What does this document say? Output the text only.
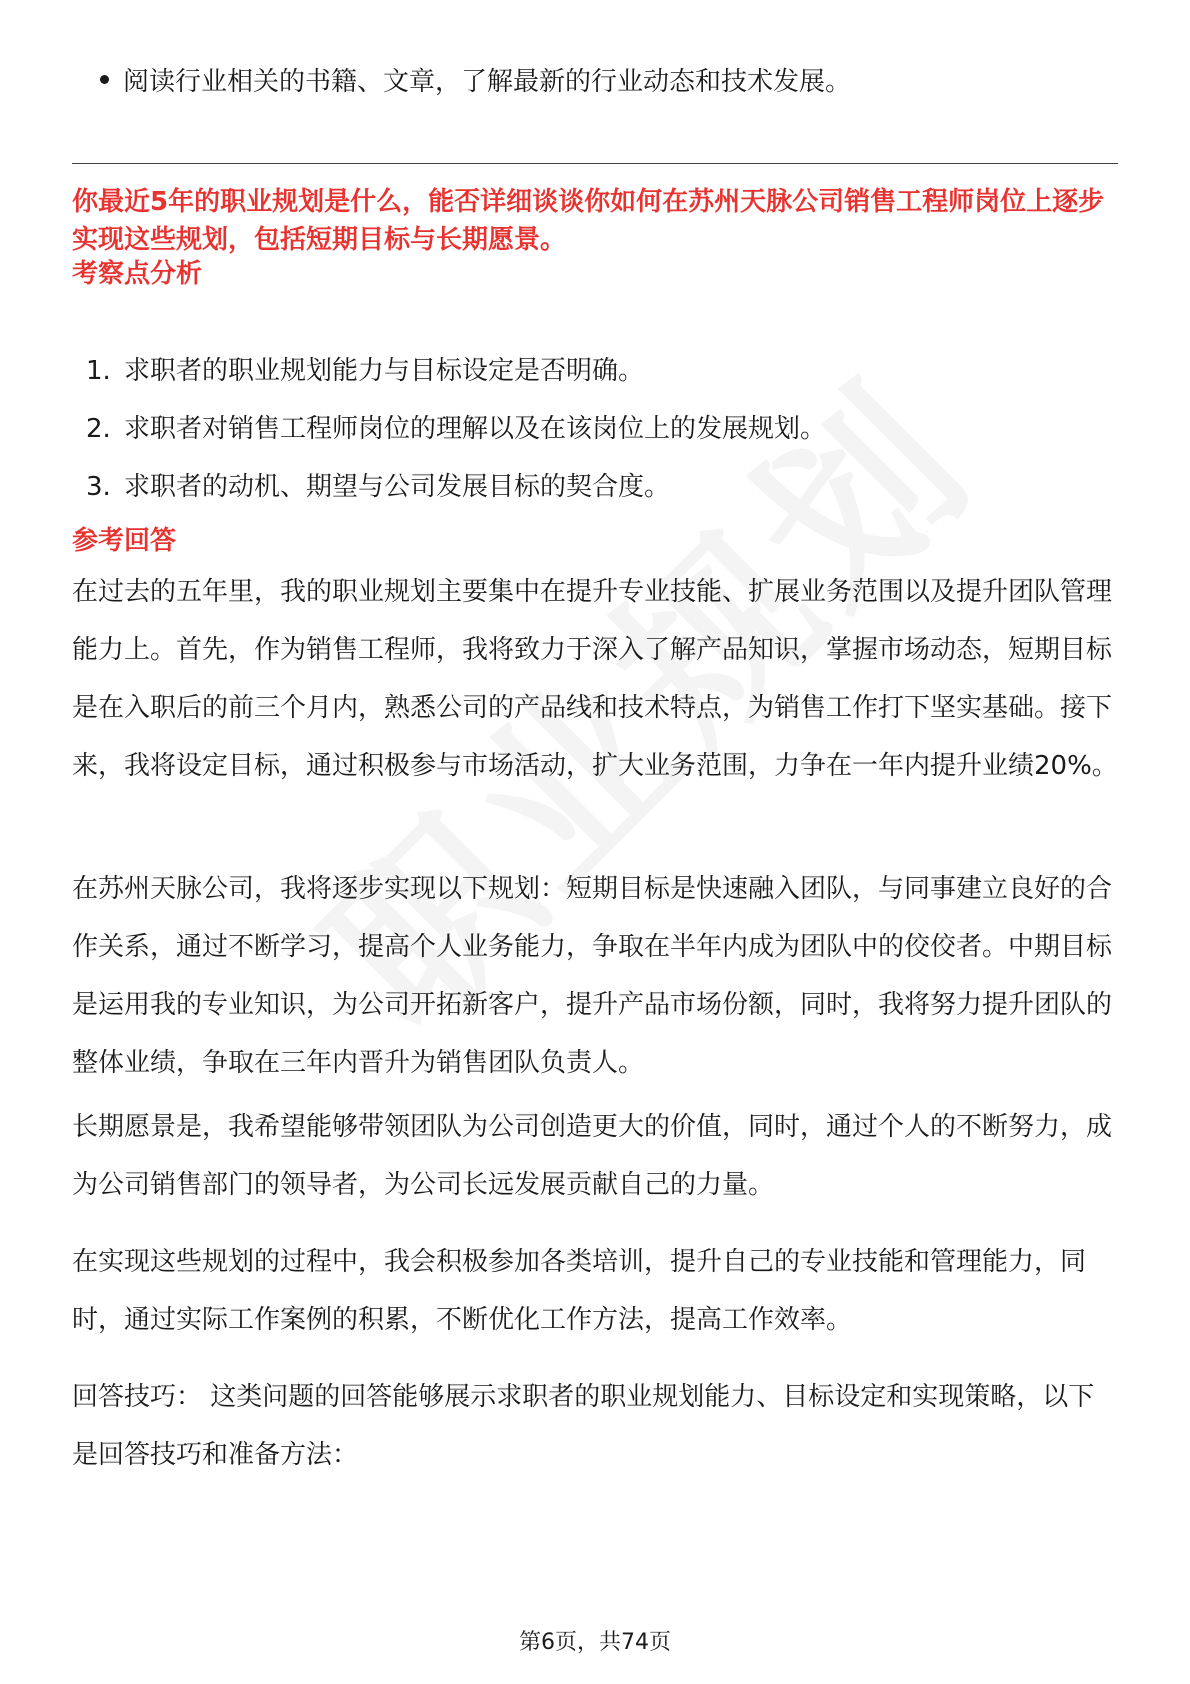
阅读行业相关的书籍、文章，了解最新的行业动态和技术发展。
你最近5年的职业规划是什么，能否详细谈谈你如何在苏州天脉公司销售工程师岗位上逐步实现这些规划，包括短期目标与长期愿景。
考察点分析
1. 求职者的职业规划能力与目标设定是否明确。
2. 求职者对销售工程师岗位的理解以及在该岗位上的发展规划。
3. 求职者的动机、期望与公司发展目标的契合度。
参考回答

在过去的五年里，我的职业规划主要集中在提升专业技能、扩展业务范围以及提升团队管理能力上。首先，作为销售工程师，我将致力于深入了解产品知识，掌握市场动态，短期目标是在入职后的前三个月内，熟悉公司的产品线和技术特点，为销售工作打下坚实基础。接下来，我将设定目标，通过积极参与市场活动，扩大业务范围，力争在一年内提升业绩20%。

在苏州天脉公司，我将逐步实现以下规划：短期目标是快速融入团队，与同事建立良好的合作关系，通过不断学习，提高个人业务能力，争取在半年内成为团队中的佼佼者。中期目标是运用我的专业知识，为公司开拓新客户，提升产品市场份额，同时，我将努力提升团队的整体业绩，争取在三年内晋升为销售团队负责人。

长期愿景是，我希望能够带领团队为公司创造更大的价值，同时，通过个人的不断努力，成为公司销售部门的领导者，为公司长远发展贡献自己的力量。

在实现这些规划的过程中，我会积极参加各类培训，提升自己的专业技能和管理能力，同时，通过实际工作案例的积累，不断优化工作方法，提高工作效率。

回答技巧： 这类问题的回答能够展示求职者的职业规划能力、目标设定和实现策略，以下是回答技巧和准备方法：

第6页，共74页
